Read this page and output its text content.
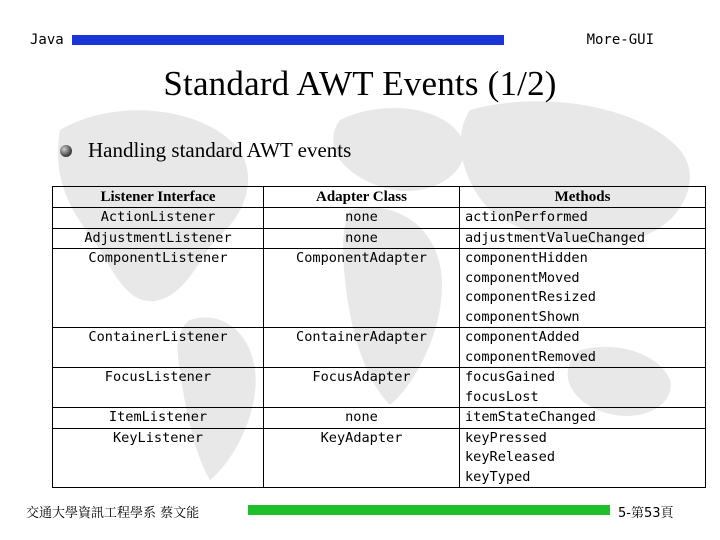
Java	More-GUI
Standard AWT Events (1/2)
Handling standard AWT events
Listener Interface	Adapter Class	Methods
ActionListener	none	actionPerformed

AdjustmentListener	none	adjustmentValueChanged

ComponentListener	ComponentAdapter	componentHidden
componentMoved
componentResized
componentShown

ContainerListener	ContainerAdapter	componentAdded
componentRemoved

FocusListener	FocusAdapter	focusGained
focusLost

ItemListener	none	itemStateChanged

KeyListener	KeyAdapter	keyPressed
keyReleased
keyTyped
交通大學資訊工程學系 蔡文能	5-第53頁
